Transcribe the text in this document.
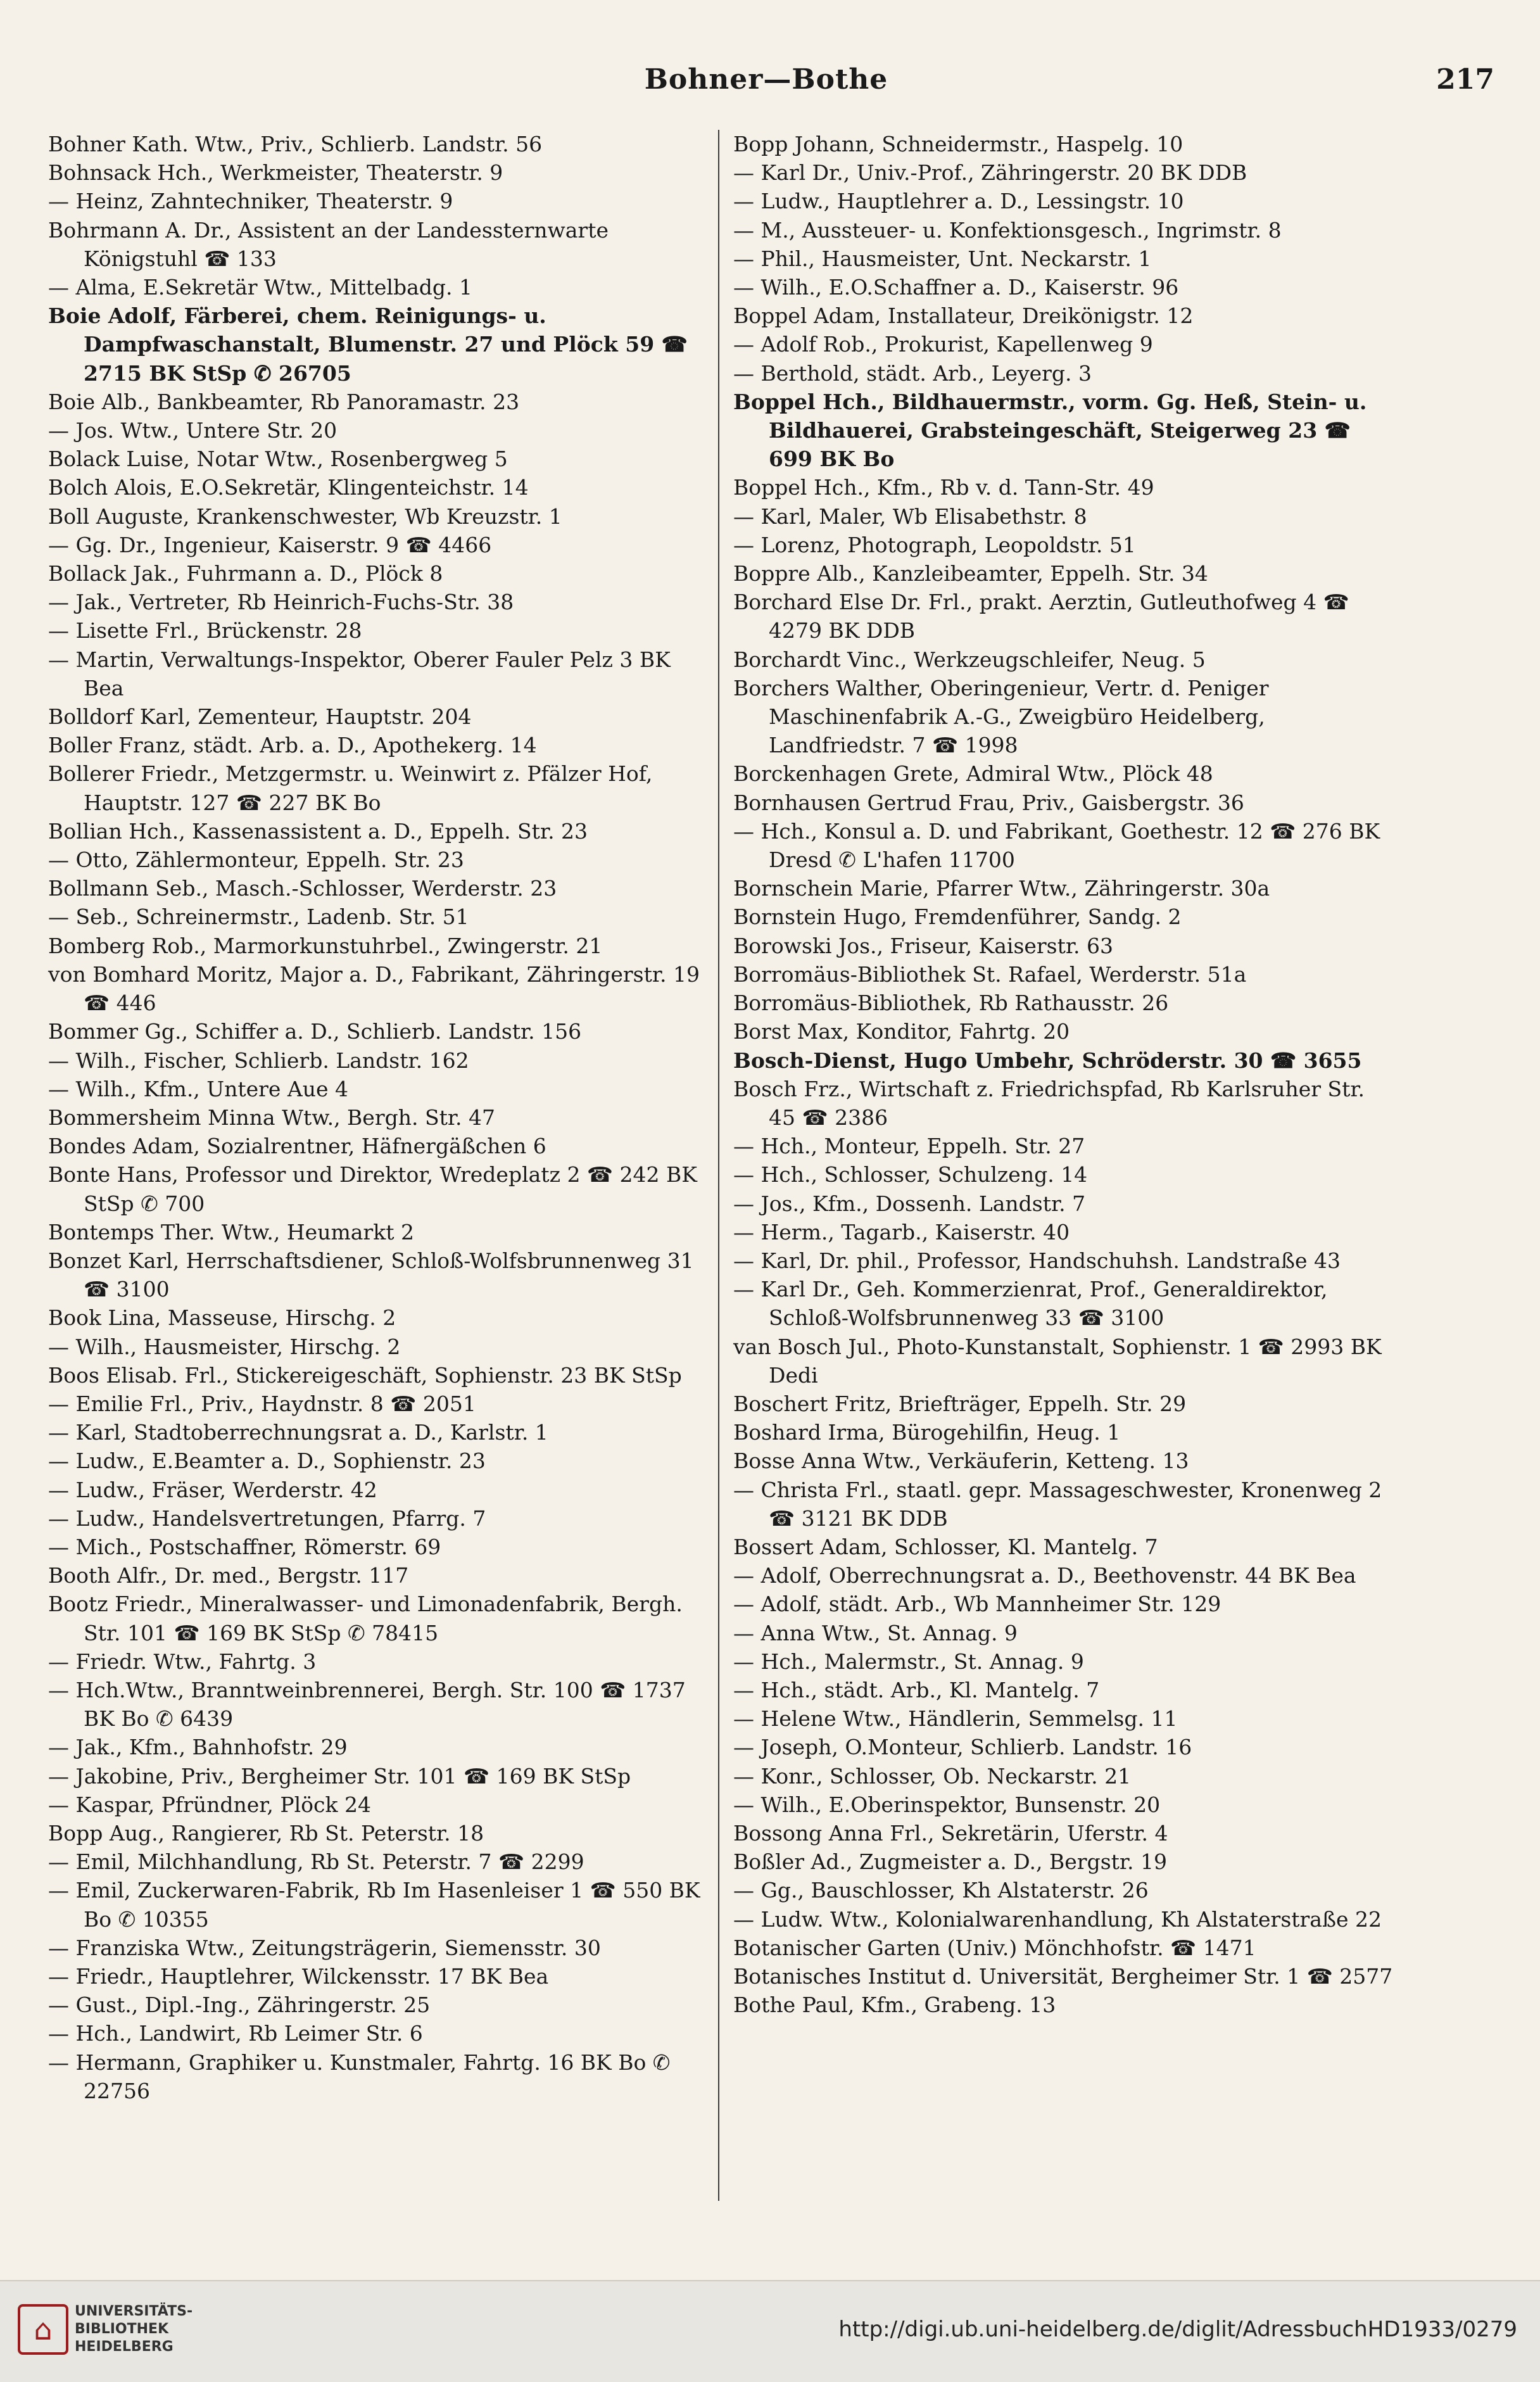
Bohner—Bothe	217
Bohner Kath. Wtw., Priv., Schlierb. Landstr. 56
Bohnsack Hch., Werkmeister, Theaterstr. 9
— Heinz, Zahntechniker, Theaterstr. 9
Bohrmann A. Dr., Assistent an der Landessternwarte Königstuhl ☎ 133
— Alma, E.Sekretär Wtw., Mittelbadg. 1
Boie Adolf, Färberei, chem. Reinigungs- u. Dampfwaschanstalt, Blumenstr. 27 und Plöck 59 ☎ 2715 BK StSp ✆ 26705
Boie Alb., Bankbeamter, Rb Panoramastr. 23
— Jos. Wtw., Untere Str. 20
Bolack Luise, Notar Wtw., Rosenbergweg 5
Bolch Alois, E.O.Sekretär, Klingenteichstr. 14
Boll Auguste, Krankenschwester, Wb Kreuzstr. 1
— Gg. Dr., Ingenieur, Kaiserstr. 9 ☎ 4466
Bollack Jak., Fuhrmann a. D., Plöck 8
— Jak., Vertreter, Rb Heinrich-Fuchs-Str. 38
— Lisette Frl., Brückenstr. 28
— Martin, Verwaltungs-Inspektor, Oberer Fauler Pelz 3 BK Bea
Bolldorf Karl, Zementeur, Hauptstr. 204
Boller Franz, städt. Arb. a. D., Apothekerg. 14
Bollerer Friedr., Metzgermstr. u. Weinwirt z. Pfälzer Hof, Hauptstr. 127 ☎ 227 BK Bo
Bollian Hch., Kassenassistent a. D., Eppelh. Str. 23
— Otto, Zählermonteur, Eppelh. Str. 23
Bollmann Seb., Masch.-Schlosser, Werderstr. 23
— Seb., Schreinermstr., Ladenb. Str. 51
Bomberg Rob., Marmorkunstuhrbel., Zwingerstr. 21
von Bomhard Moritz, Major a. D., Fabrikant, Zähringerstr. 19 ☎ 446
Bommer Gg., Schiffer a. D., Schlierb. Landstr. 156
— Wilh., Fischer, Schlierb. Landstr. 162
— Wilh., Kfm., Untere Aue 4
Bommersheim Minna Wtw., Bergh. Str. 47
Bondes Adam, Sozialrentner, Häfnergäßchen 6
Bonte Hans, Professor und Direktor, Wredeplatz 2 ☎ 242 BK StSp ✆ 700
Bontemps Ther. Wtw., Heumarkt 2
Bonzet Karl, Herrschaftsdiener, Schloß-Wolfsbrunnenweg 31 ☎ 3100
Book Lina, Masseuse, Hirschg. 2
— Wilh., Hausmeister, Hirschg. 2
Boos Elisab. Frl., Stickereigeschäft, Sophienstr. 23 BK StSp
— Emilie Frl., Priv., Haydnstr. 8 ☎ 2051
— Karl, Stadtoberrechnungsrat a. D., Karlstr. 1
— Ludw., E.Beamter a. D., Sophienstr. 23
— Ludw., Fräser, Werderstr. 42
— Ludw., Handelsvertretungen, Pfarrg. 7
— Mich., Postschaffner, Römerstr. 69
Booth Alfr., Dr. med., Bergstr. 117
Bootz Friedr., Mineralwasser- und Limonadenfabrik, Bergh. Str. 101 ☎ 169 BK StSp ✆ 78415
— Friedr. Wtw., Fahrtg. 3
— Hch.Wtw., Branntweinbrennerei, Bergh. Str. 100 ☎ 1737 BK Bo ✆ 6439
— Jak., Kfm., Bahnhofstr. 29
— Jakobine, Priv., Bergheimer Str. 101 ☎ 169 BK StSp
— Kaspar, Pfründner, Plöck 24
Bopp Aug., Rangierer, Rb St. Peterstr. 18
— Emil, Milchhandlung, Rb St. Peterstr. 7 ☎ 2299
— Emil, Zuckerwaren-Fabrik, Rb Im Hasenleiser 1 ☎ 550 BK Bo ✆ 10355
— Franziska Wtw., Zeitungsträgerin, Siemensstr. 30
— Friedr., Hauptlehrer, Wilckensstr. 17 BK Bea
— Gust., Dipl.-Ing., Zähringerstr. 25
— Hch., Landwirt, Rb Leimer Str. 6
— Hermann, Graphiker u. Kunstmaler, Fahrtg. 16 BK Bo ✆ 22756
Bopp Johann, Schneidermstr., Haspelg. 10
— Karl Dr., Univ.-Prof., Zähringerstr. 20 BK DDB
— Ludw., Hauptlehrer a. D., Lessingstr. 10
— M., Aussteuer- u. Konfektionsgesch., Ingrimstr. 8
— Phil., Hausmeister, Unt. Neckarstr. 1
— Wilh., E.O.Schaffner a. D., Kaiserstr. 96
Boppel Adam, Installateur, Dreikönigstr. 12
— Adolf Rob., Prokurist, Kapellenweg 9
— Berthold, städt. Arb., Leyerg. 3
Boppel Hch., Bildhauermstr., vorm. Gg. Heß, Stein- u. Bildhauerei, Grabsteingeschäft, Steigerweg 23 ☎ 699 BK Bo
Boppel Hch., Kfm., Rb v. d. Tann-Str. 49
— Karl, Maler, Wb Elisabethstr. 8
— Lorenz, Photograph, Leopoldstr. 51
Boppre Alb., Kanzleibeamter, Eppelh. Str. 34
Borchard Else Dr. Frl., prakt. Aerztin, Gutleuthofweg 4 ☎ 4279 BK DDB
Borchardt Vinc., Werkzeugschleifer, Neug. 5
Borchers Walther, Oberingenieur, Vertr. d. Peniger Maschinenfabrik A.-G., Zweigbüro Heidelberg, Landfriedstr. 7 ☎ 1998
Borckenhagen Grete, Admiral Wtw., Plöck 48
Bornhausen Gertrud Frau, Priv., Gaisbergstr. 36
— Hch., Konsul a. D. und Fabrikant, Goethestr. 12 ☎ 276 BK Dresd ✆ L'hafen 11700
Bornschein Marie, Pfarrer Wtw., Zähringerstr. 30a
Bornstein Hugo, Fremdenführer, Sandg. 2
Borowski Jos., Friseur, Kaiserstr. 63
Borromäus-Bibliothek St. Rafael, Werderstr. 51a
Borromäus-Bibliothek, Rb Rathausstr. 26
Borst Max, Konditor, Fahrtg. 20
Bosch-Dienst, Hugo Umbehr, Schröderstr. 30 ☎ 3655
Bosch Frz., Wirtschaft z. Friedrichspfad, Rb Karlsruher Str. 45 ☎ 2386
— Hch., Monteur, Eppelh. Str. 27
— Hch., Schlosser, Schulzeng. 14
— Jos., Kfm., Dossenh. Landstr. 7
— Herm., Tagarb., Kaiserstr. 40
— Karl, Dr. phil., Professor, Handschuhsh. Landstraße 43
— Karl Dr., Geh. Kommerzienrat, Prof., Generaldirektor, Schloß-Wolfsbrunnenweg 33 ☎ 3100
van Bosch Jul., Photo-Kunstanstalt, Sophienstr. 1 ☎ 2993 BK Dedi
Boschert Fritz, Briefträger, Eppelh. Str. 29
Boshard Irma, Bürogehilfin, Heug. 1
Bosse Anna Wtw., Verkäuferin, Ketteng. 13
— Christa Frl., staatl. gepr. Massageschwester, Kronenweg 2 ☎ 3121 BK DDB
Bossert Adam, Schlosser, Kl. Mantelg. 7
— Adolf, Oberrechnungsrat a. D., Beethovenstr. 44 BK Bea
— Adolf, städt. Arb., Wb Mannheimer Str. 129
— Anna Wtw., St. Annag. 9
— Hch., Malermstr., St. Annag. 9
— Hch., städt. Arb., Kl. Mantelg. 7
— Helene Wtw., Händlerin, Semmelsg. 11
— Joseph, O.Monteur, Schlierb. Landstr. 16
— Konr., Schlosser, Ob. Neckarstr. 21
— Wilh., E.Oberinspektor, Bunsenstr. 20
Bossong Anna Frl., Sekretärin, Uferstr. 4
Boßler Ad., Zugmeister a. D., Bergstr. 19
— Gg., Bauschlosser, Kh Alstaterstr. 26
— Ludw. Wtw., Kolonialwarenhandlung, Kh Alstaterstraße 22
Botanischer Garten (Univ.) Mönchhofstr. ☎ 1471
Botanisches Institut d. Universität, Bergheimer Str. 1 ☎ 2577
Bothe Paul, Kfm., Grabeng. 13
⌂
UNIVERSITÄTS-
BIBLIOTHEK
HEIDELBERG
http://digi.ub.uni-heidelberg.de/diglit/AdressbuchHD1933/0279
